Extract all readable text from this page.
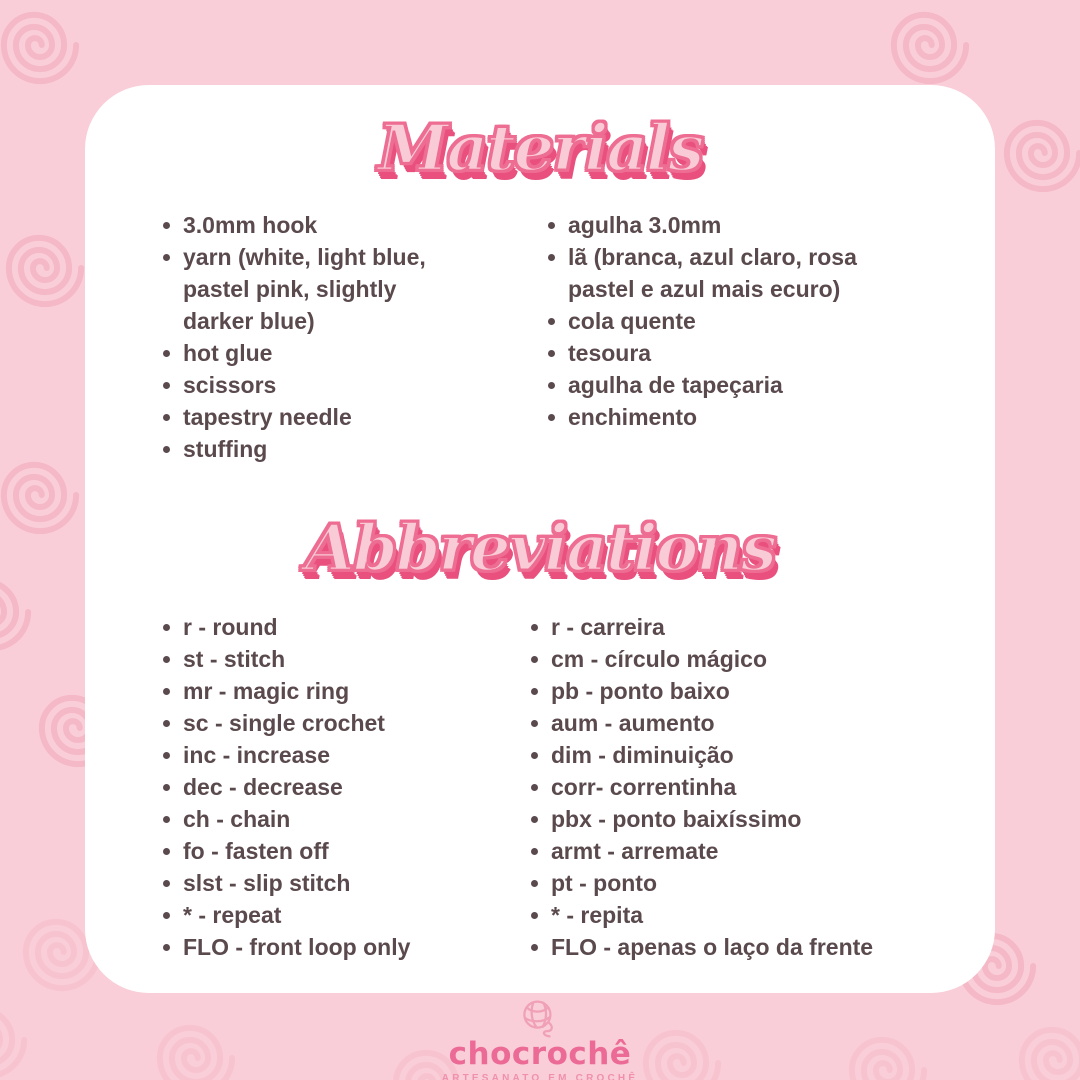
Materials
3.0mm hook
yarn (white, light blue, pastel pink, slightly darker blue)
hot glue
scissors
tapestry needle
stuffing
agulha 3.0mm
lã (branca, azul claro, rosa pastel e azul mais ecuro)
cola quente
tesoura
agulha de tapeçaria
enchimento
Abbreviations
r - round
st - stitch
mr - magic ring
sc - single crochet
inc - increase
dec - decrease
ch - chain
fo - fasten off
slst - slip stitch
* - repeat
FLO - front loop only
r - carreira
cm - círculo mágico
pb - ponto baixo
aum - aumento
dim - diminuição
corr- correntinha
pbx - ponto baixíssimo
armt - arremate
pt - ponto
* - repita
FLO - apenas o laço da frente
chocrochê
ARTESANATO EM CROCHÊ
